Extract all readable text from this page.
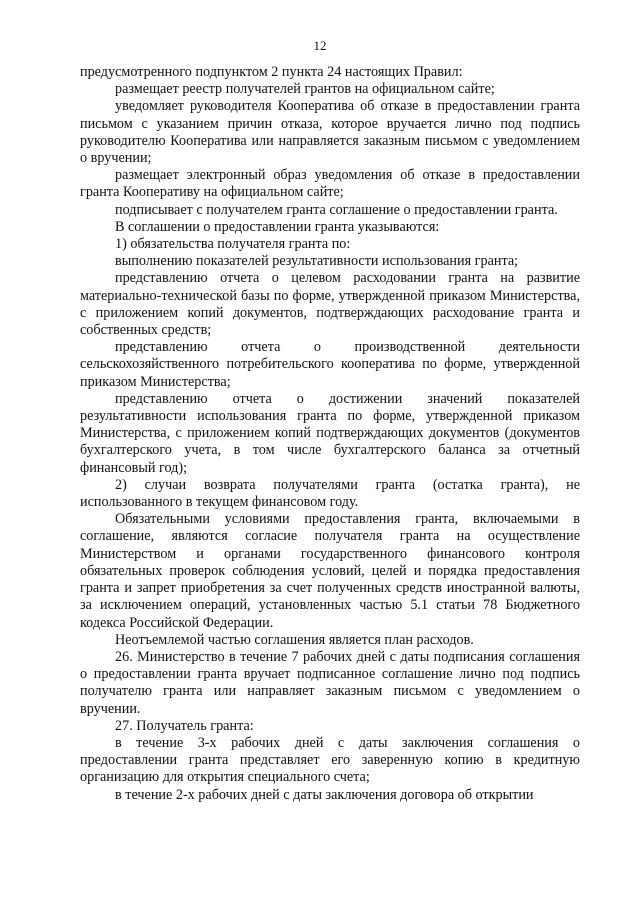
12

предусмотренного подпунктом 2 пункта 24 настоящих Правил:

размещает реестр получателей грантов на официальном сайте;

уведомляет руководителя Кооператива об отказе в предоставлении гранта письмом с указанием причин отказа, которое вручается лично под подпись руководителю Кооператива или направляется заказным письмом с уведомлением о вручении;

размещает электронный образ уведомления об отказе в предоставлении гранта Кооперативу на официальном сайте;

подписывает с получателем гранта соглашение о предоставлении гранта.

В соглашении о предоставлении гранта указываются:

1) обязательства получателя гранта по:

выполнению показателей результативности использования гранта;

представлению отчета о целевом расходовании гранта на развитие материально-технической базы по форме, утвержденной приказом Министерства, с приложением копий документов, подтверждающих расходование гранта и собственных средств;

представлению отчета о производственной деятельности сельскохозяйственного потребительского кооператива по форме, утвержденной приказом Министерства;

представлению отчета о достижении значений показателей результативности использования гранта по форме, утвержденной приказом Министерства, с приложением копий подтверждающих документов (документов бухгалтерского учета, в том числе бухгалтерского баланса за отчетный финансовый год);

2) случаи возврата получателями гранта (остатка гранта), не использованного в текущем финансовом году.

Обязательными условиями предоставления гранта, включаемыми в соглашение, являются согласие получателя гранта на осуществление Министерством и органами государственного финансового контроля обязательных проверок соблюдения условий, целей и порядка предоставления гранта и запрет приобретения за счет полученных средств иностранной валюты, за исключением операций, установленных частью 5.1 статьи 78 Бюджетного кодекса Российской Федерации.

Неотъемлемой частью соглашения является план расходов.

26. Министерство в течение 7 рабочих дней с даты подписания соглашения о предоставлении гранта вручает подписанное соглашение лично под подпись получателю гранта или направляет заказным письмом с уведомлением о вручении.

27. Получатель гранта:

в течение 3-х рабочих дней с даты заключения соглашения о предоставлении гранта представляет его заверенную копию в кредитную организацию для открытия специального счета;

в течение 2-х рабочих дней с даты заключения договора об открытии
